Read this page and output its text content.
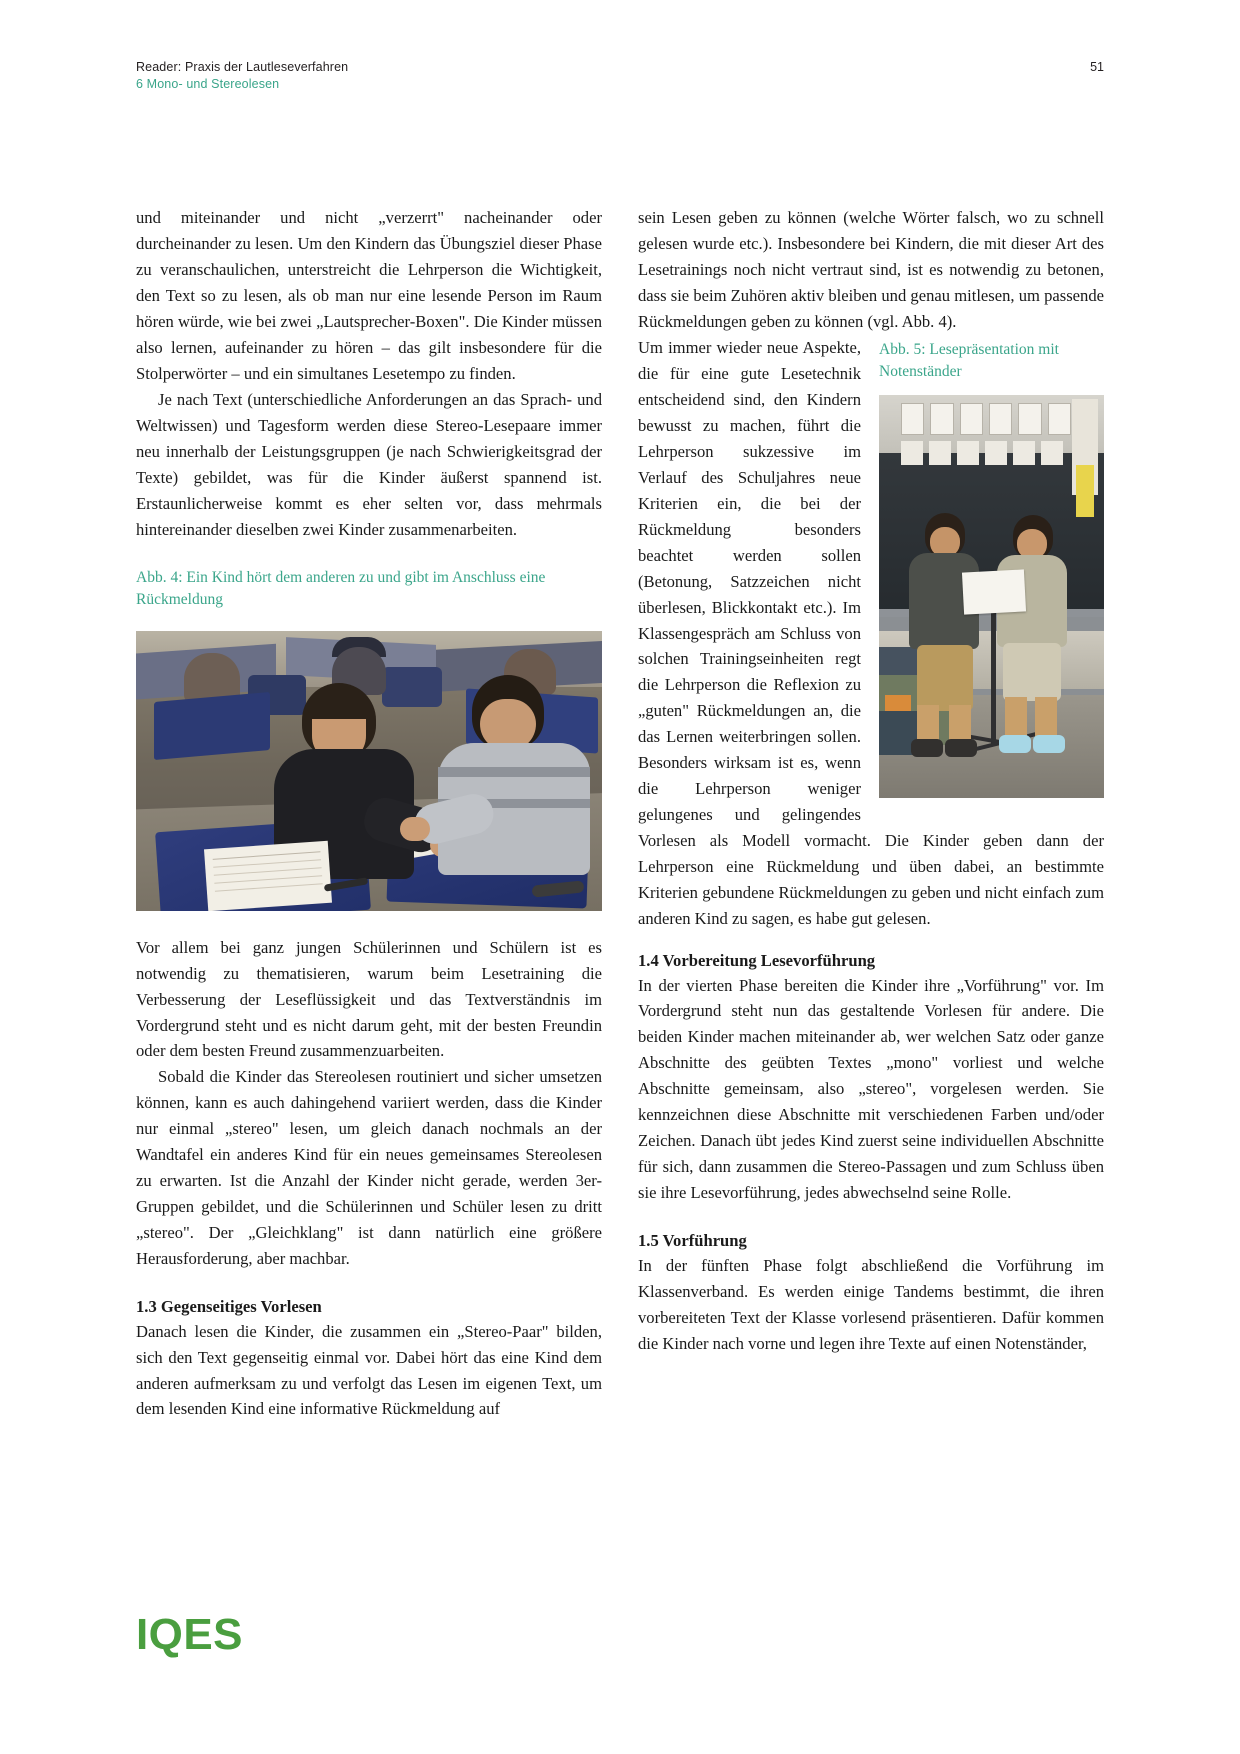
Reader: Praxis der Lautleseverfahren
6 Mono- und Stereolesen
51

und miteinander und nicht „verzerrt" nacheinander oder durcheinander zu lesen. Um den Kindern das Übungsziel dieser Phase zu veranschaulichen, unterstreicht die Lehrperson die Wichtigkeit, den Text so zu lesen, als ob man nur eine lesende Person im Raum hören würde, wie bei zwei „Lautsprecher-Boxen". Die Kinder müssen also lernen, aufeinander zu hören – das gilt insbesondere für die Stolperwörter – und ein simultanes Lesetempo zu finden.

Je nach Text (unterschiedliche Anforderungen an das Sprach- und Weltwissen) und Tagesform werden diese Stereo-Lesepaare immer neu innerhalb der Leistungsgruppen (je nach Schwierigkeitsgrad der Texte) gebildet, was für die Kinder äußerst spannend ist. Erstaunlicherweise kommt es eher selten vor, dass mehrmals hintereinander dieselben zwei Kinder zusammenarbeiten.

Abb. 4: Ein Kind hört dem anderen zu und gibt im Anschluss eine Rückmeldung

Vor allem bei ganz jungen Schülerinnen und Schülern ist es notwendig zu thematisieren, warum beim Lesetraining die Verbesserung der Leseflüssigkeit und das Textverständnis im Vordergrund steht und es nicht darum geht, mit der besten Freundin oder dem besten Freund zusammenzuarbeiten.

Sobald die Kinder das Stereolesen routiniert und sicher umsetzen können, kann es auch dahingehend variiert werden, dass die Kinder nur einmal „stereo" lesen, um gleich danach nochmals an der Wandtafel ein anderes Kind für ein neues gemeinsames Stereolesen zu erwarten. Ist die Anzahl der Kinder nicht gerade, werden 3er-Gruppen gebildet, und die Schülerinnen und Schüler lesen zu dritt „stereo". Der „Gleichklang" ist dann natürlich eine größere Herausforderung, aber machbar.

1.3 Gegenseitiges Vorlesen

Danach lesen die Kinder, die zusammen ein „Stereo-Paar" bilden, sich den Text gegenseitig einmal vor. Dabei hört das eine Kind dem anderen aufmerksam zu und verfolgt das Lesen im eigenen Text, um dem lesenden Kind eine informative Rückmeldung auf

sein Lesen geben zu können (welche Wörter falsch, wo zu schnell gelesen wurde etc.). Insbesondere bei Kindern, die mit dieser Art des Lesetrainings noch nicht vertraut sind, ist es notwendig zu betonen, dass sie beim Zuhören aktiv bleiben und genau mitlesen, um passende Rückmeldungen geben zu können (vgl. Abb. 4).

Abb. 5: Lesepräsentation mit Notenständer

Um immer wieder neue Aspekte, die für eine gute Lesetechnik entscheidend sind, den Kindern bewusst zu machen, führt die Lehrperson sukzessive im Verlauf des Schuljahres neue Kriterien ein, die bei der Rückmeldung besonders beachtet werden sollen (Betonung, Satzzeichen nicht überlesen, Blickkontakt etc.). Im Klassengespräch am Schluss von solchen Trainingseinheiten regt die Lehrperson die Reflexion zu „guten" Rückmeldungen an, die das Lernen weiterbringen sollen. Besonders wirksam ist es, wenn die Lehrperson weniger gelungenes und gelingendes Vorlesen als Modell vormacht. Die Kinder geben dann der Lehrperson eine Rückmeldung und üben dabei, an bestimmte Kriterien gebundene Rückmeldungen zu geben und nicht einfach zum anderen Kind zu sagen, es habe gut gelesen.

1.4 Vorbereitung Lesevorführung

In der vierten Phase bereiten die Kinder ihre „Vorführung" vor. Im Vordergrund steht nun das gestaltende Vorlesen für andere. Die beiden Kinder machen miteinander ab, wer welchen Satz oder ganze Abschnitte des geübten Textes „mono" vorliest und welche Abschnitte gemeinsam, also „stereo", vorgelesen werden. Sie kennzeichnen diese Abschnitte mit verschiedenen Farben und/oder Zeichen. Danach übt jedes Kind zuerst seine individuellen Abschnitte für sich, dann zusammen die Stereo-Passagen und zum Schluss üben sie ihre Lesevorführung, jedes abwechselnd seine Rolle.

1.5 Vorführung

In der fünften Phase folgt abschließend die Vorführung im Klassenverband. Es werden einige Tandems bestimmt, die ihren vorbereiteten Text der Klasse vorlesend präsentieren. Dafür kommen die Kinder nach vorne und legen ihre Texte auf einen Notenständer,

IQES
